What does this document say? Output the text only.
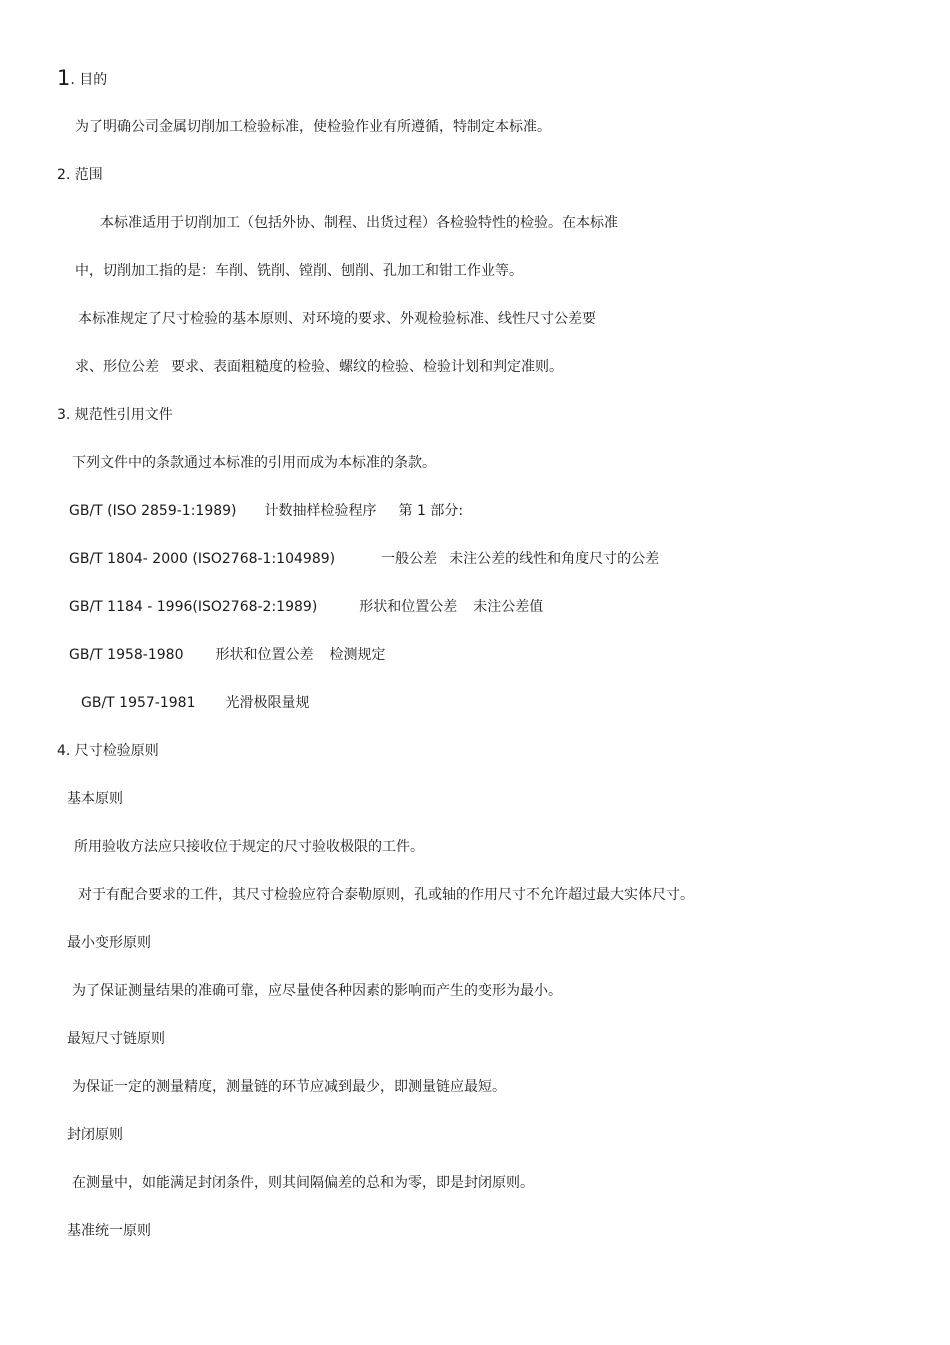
1. 目的
为了明确公司金属切削加工检验标准，使检验作业有所遵循，特制定本标准。
2. 范围
本标准适用于切削加工（包括外协、制程、出货过程）各检验特性的检验。在本标准
中，切削加工指的是：车削、铣削、镗削、刨削、孔加工和钳工作业等。
本标准规定了尺寸检验的基本原则、对环境的要求、外观检验标准、线性尺寸公差要
求、形位公差 要求、表面粗糙度的检验、螺纹的检验、检验计划和判定准则。
3. 规范性引用文件
下列文件中的条款通过本标准的引用而成为本标准的条款。
GB/T (ISO 2859-1:1989) 计数抽样检验程序 第 1 部分:
GB/T 1804- 2000 (ISO2768-1:104989)	一般公差 未注公差的线性和角度尺寸的公差
GB/T 1184 - 1996(ISO2768-2:1989)	形状和位置公差 未注公差值
GB/T 1958-1980 形状和位置公差 检测规定
GB/T 1957-1981 光滑极限量规
4. 尺寸检验原则
基本原则
所用验收方法应只接收位于规定的尺寸验收极限的工件。
对于有配合要求的工件，其尺寸检验应符合泰勒原则，孔或轴的作用尺寸不允许超过最大实体尺寸。
最小变形原则
为了保证测量结果的准确可靠，应尽量使各种因素的影响而产生的变形为最小。
最短尺寸链原则
为保证一定的测量精度，测量链的环节应减到最少，即测量链应最短。
封闭原则
在测量中，如能满足封闭条件，则其间隔偏差的总和为零，即是封闭原则。
基准统一原则
